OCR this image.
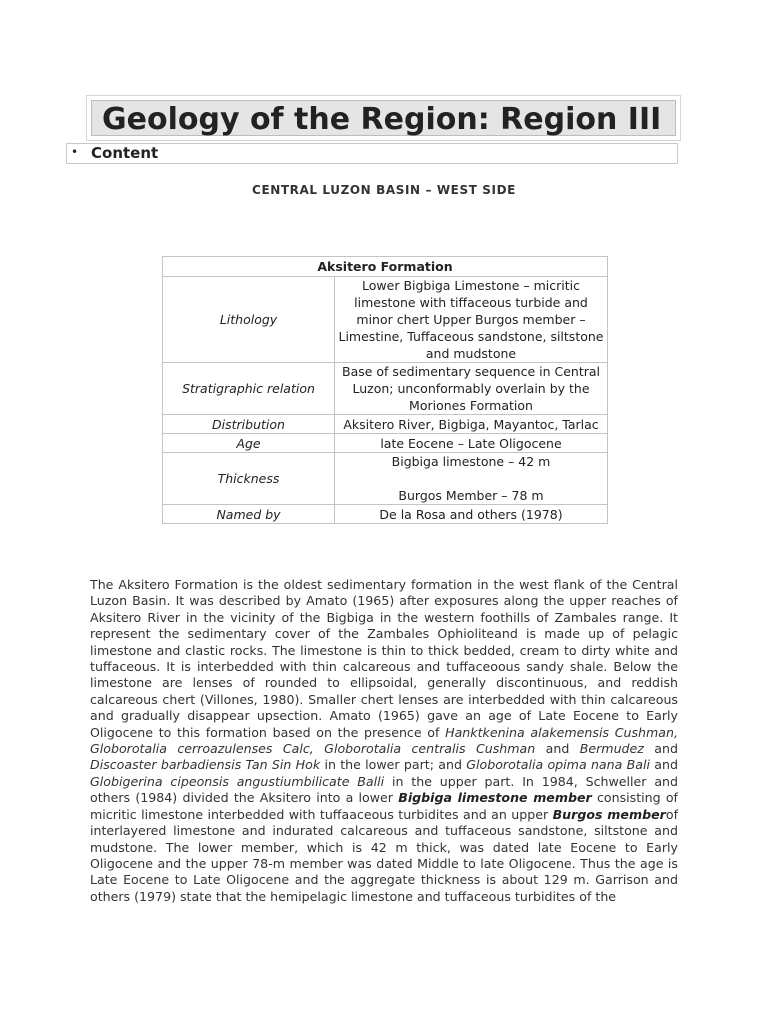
Geology of the Region: Region III
• Content
CENTRAL LUZON BASIN – WEST SIDE
Aksitero Formation	
Lithology	Lower Bigbiga Limestone – micritic limestone with tiffaceous turbide and minor chert Upper Burgos member – Limestine, Tuffaceous sandstone, siltstone and mudstone
Stratigraphic relation	Base of sedimentary sequence in Central Luzon; unconformably overlain by the Moriones Formation
Distribution	Aksitero River, Bigbiga, Mayantoc, Tarlac
Age	late Eocene – Late Oligocene
Thickness	Bigbiga limestone – 42 m
Burgos Member – 78 m

Named by	De la Rosa and others (1978)
The Aksitero Formation is the oldest sedimentary formation in the west flank of the Central Luzon Basin. It was described by Amato (1965) after exposures along the upper reaches of Aksitero River in the vicinity of the Bigbiga in the western foothills of Zambales range. It represent the sedimentary cover of the Zambales Ophioliteand is made up of pelagic limestone and clastic rocks. The limestone is thin to thick bedded, cream to dirty white and tuffaceous. It is interbedded with thin calcareous and tuffaceoous sandy shale. Below the limestone are lenses of rounded to ellipsoidal, generally discontinuous, and reddish calcareous chert (Villones, 1980). Smaller chert lenses are interbedded with thin calcareous and gradually disappear upsection. Amato (1965) gave an age of Late Eocene to Early Oligocene to this formation based on the presence of Hanktkenina alakemensis Cushman, Globorotalia cerroazulenses Calc, Globorotalia centralis Cushman and Bermudez and Discoaster barbadiensis Tan Sin Hok in the lower part; and Globorotalia opima nana Bali and Globigerina cipeonsis angustiumbilicate Balli in the upper part. In 1984, Schweller and others (1984) divided the Aksitero into a lower Bigbiga limestone member consisting of micritic limestone interbedded with tuffaaceous turbidites and an upper Burgos memberof interlayered limestone and indurated calcareous and tuffaceous sandstone, siltstone and mudstone. The lower member, which is 42 m thick, was dated late Eocene to Early Oligocene and the upper 78-m member was dated Middle to late Oligocene. Thus the age is Late Eocene to Late Oligocene and the aggregate thickness is about 129 m. Garrison and others (1979) state that the hemipelagic limestone and tuffaceous turbidites of the
